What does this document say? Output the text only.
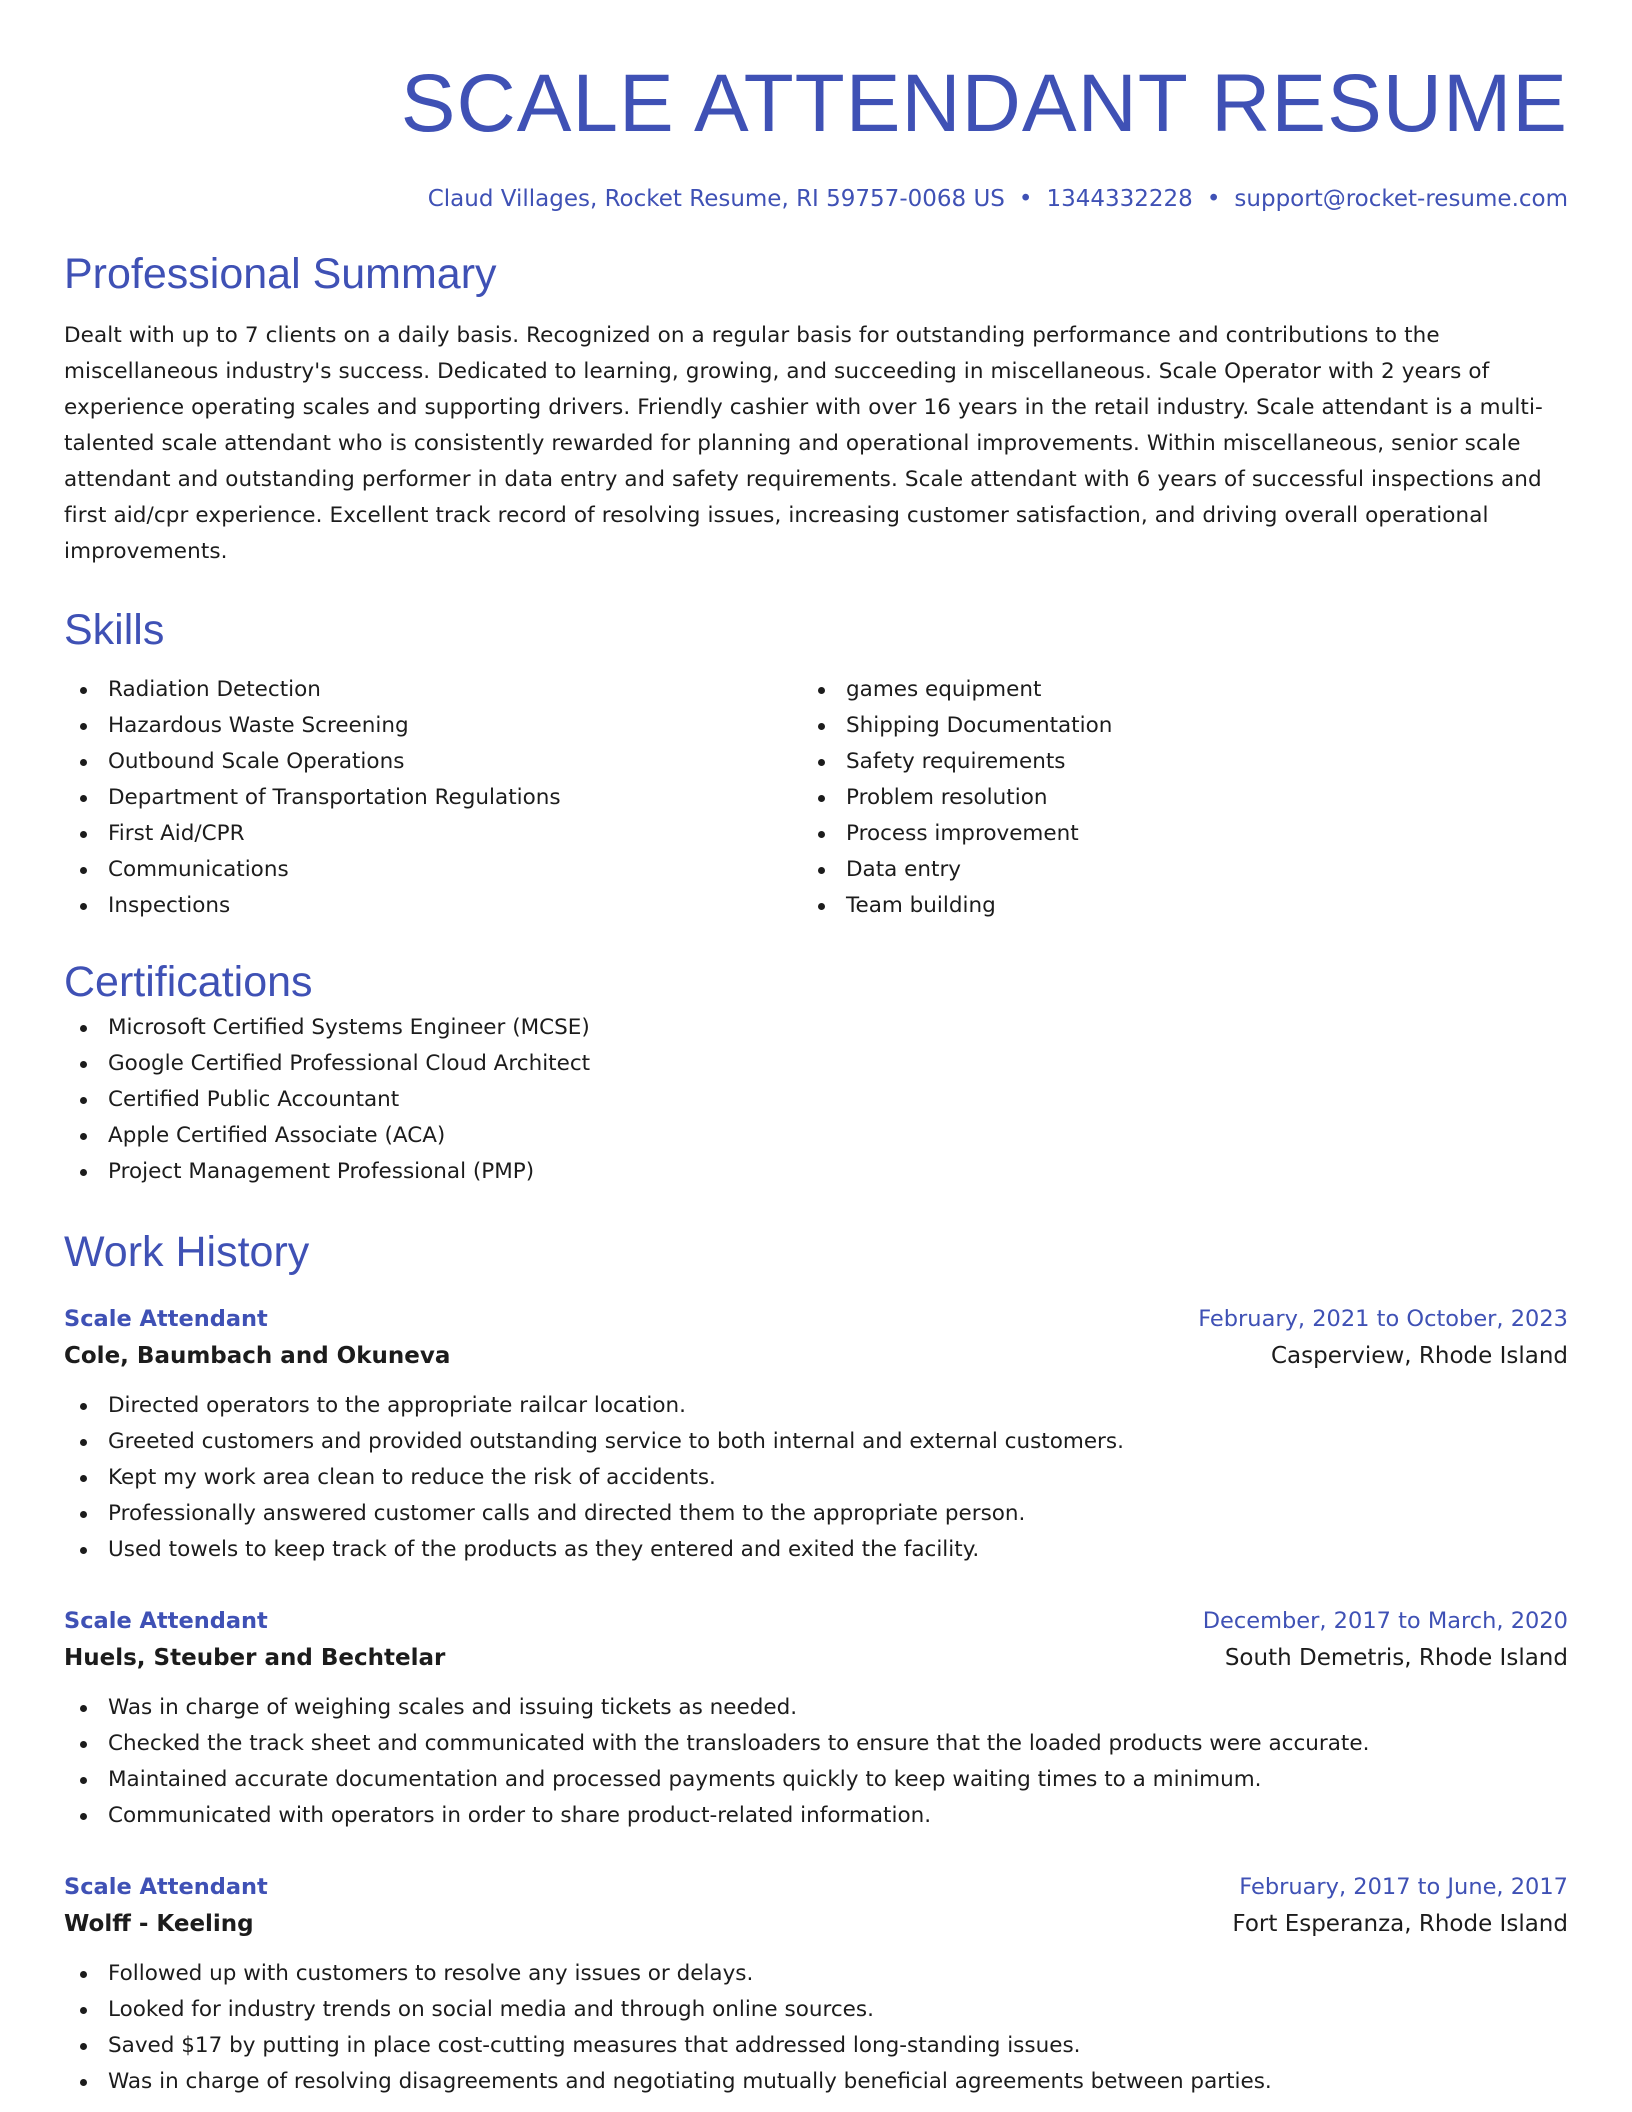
SCALE ATTENDANT RESUME
Claud Villages, Rocket Resume, RI 59757-0068 US • 1344332228 • support@rocket-resume.com
Professional Summary

Dealt with up to 7 clients on a daily basis. Recognized on a regular basis for outstanding performance and contributions to the miscellaneous industry's success. Dedicated to learning, growing, and succeeding in miscellaneous. Scale Operator with 2 years of experience operating scales and supporting drivers. Friendly cashier with over 16 years in the retail industry. Scale attendant is a multi-talented scale attendant who is consistently rewarded for planning and operational improvements. Within miscellaneous, senior scale attendant and outstanding performer in data entry and safety requirements. Scale attendant with 6 years of successful inspections and first aid/cpr experience. Excellent track record of resolving issues, increasing customer satisfaction, and driving overall operational improvements.

Skills
Radiation Detection
Hazardous Waste Screening
Outbound Scale Operations
Department of Transportation Regulations
First Aid/CPR
Communications
Inspections
games equipment
Shipping Documentation
Safety requirements
Problem resolution
Process improvement
Data entry
Team building
Certifications
Microsoft Certified Systems Engineer (MCSE)
Google Certified Professional Cloud Architect
Certified Public Accountant
Apple Certified Associate (ACA)
Project Management Professional (PMP)
Work History
Scale Attendant	February, 2021 to October, 2023
Cole, Baumbach and Okuneva	Casperview, Rhode Island
Directed operators to the appropriate railcar location.
Greeted customers and provided outstanding service to both internal and external customers.
Kept my work area clean to reduce the risk of accidents.
Professionally answered customer calls and directed them to the appropriate person.
Used towels to keep track of the products as they entered and exited the facility.
Scale Attendant	December, 2017 to March, 2020
Huels, Steuber and Bechtelar	South Demetris, Rhode Island
Was in charge of weighing scales and issuing tickets as needed.
Checked the track sheet and communicated with the transloaders to ensure that the loaded products were accurate.
Maintained accurate documentation and processed payments quickly to keep waiting times to a minimum.
Communicated with operators in order to share product-related information.
Scale Attendant	February, 2017 to June, 2017
Wolff - Keeling	Fort Esperanza, Rhode Island
Followed up with customers to resolve any issues or delays.
Looked for industry trends on social media and through online sources.
Saved $17 by putting in place cost-cutting measures that addressed long-standing issues.
Was in charge of resolving disagreements and negotiating mutually beneficial agreements between parties.
